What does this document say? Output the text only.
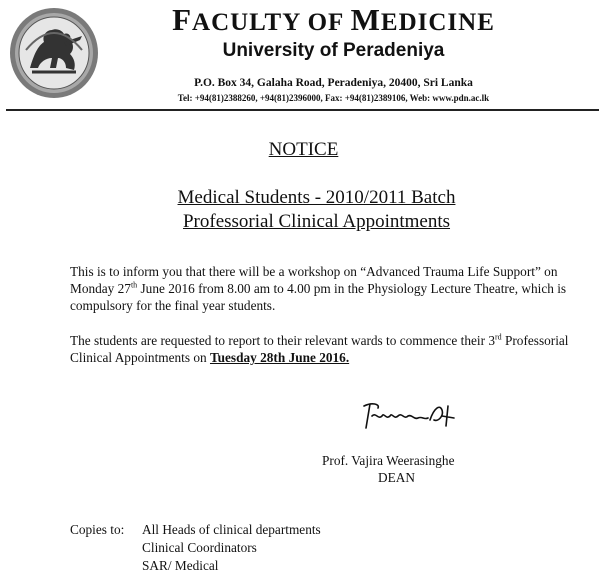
FACULTY OF MEDICINE
University of Peradeniya
P.O. Box 34, Galaha Road, Peradeniya, 20400, Sri Lanka
Tel: +94(81)2388260, +94(81)2396000, Fax: +94(81)2389106, Web: www.pdn.ac.lk
NOTICE
Medical Students - 2010/2011 Batch
Professorial Clinical Appointments
This is to inform you that there will be a workshop on “Advanced Trauma Life Support” on Monday 27th June 2016 from 8.00 am to 4.00 pm in the Physiology Lecture Theatre, which is compulsory for the final year students.
The students are requested to report to their relevant wards to commence their 3rd Professorial Clinical Appointments on Tuesday 28th June 2016.
Prof. Vajira Weerasinghe
DEAN
Copies to: All Heads of clinical departments
Clinical Coordinators
SAR/ Medical
